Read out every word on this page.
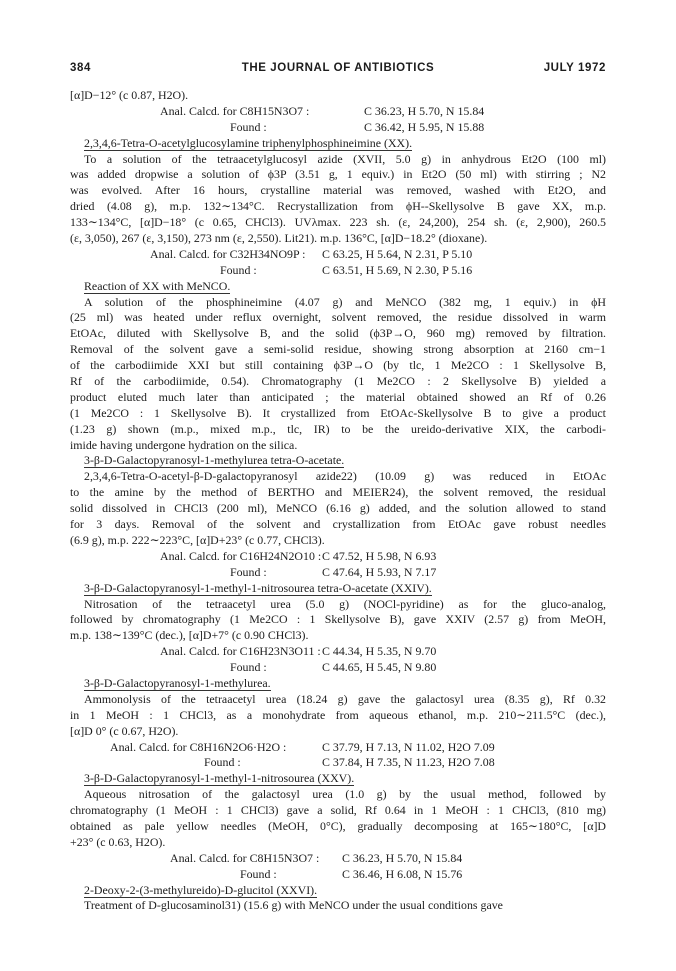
384	THE JOURNAL OF ANTIBIOTICS	JULY 1972
[α]D−12° (c 0.87, H2O).
Anal. Calcd. for C8H15N3O7 :	C 36.23, H 5.70, N 15.84
Found :	C 36.42, H 5.95, N 15.88
2,3,4,6-Tetra-O-acetylglucosylamine triphenylphosphineimine (XX).
To a solution of the tetraacetylglucosyl azide (XVII, 5.0 g) in anhydrous Et2O (100 ml)
was added dropwise a solution of ϕ3P (3.51 g, 1 equiv.) in Et2O (50 ml) with stirring ; N2
was evolved. After 16 hours, crystalline material was removed, washed with Et2O, and
dried (4.08 g), m.p. 132∼134°C. Recrystallization from ϕH--Skellysolve B gave XX, m.p.
133∼134°C, [α]D−18° (c 0.65, CHCl3). UVλmax. 223 sh. (ε, 24,200), 254 sh. (ε, 2,900), 260.5
(ε, 3,050), 267 (ε, 3,150), 273 nm (ε, 2,550). Lit21). m.p. 136°C, [α]D−18.2° (dioxane).
Anal. Calcd. for C32H34NO9P : C 63.25, H 5.64, N 2.31, P 5.10
Found :	C 63.51, H 5.69, N 2.30, P 5.16
Reaction of XX with MeNCO.
A solution of the phosphineimine (4.07 g) and MeNCO (382 mg, 1 equiv.) in ϕH
(25 ml) was heated under reflux overnight, solvent removed, the residue dissolved in warm
EtOAc, diluted with Skellysolve B, and the solid (ϕ3P→O, 960 mg) removed by filtration.
Removal of the solvent gave a semi-solid residue, showing strong absorption at 2160 cm−1
of the carbodiimide XXI but still containing ϕ3P→O (by tlc, 1 Me2CO : 1 Skellysolve B,
Rf of the carbodiimide, 0.54). Chromatography (1 Me2CO : 2 Skellysolve B) yielded a
product eluted much later than anticipated ; the material obtained showed an Rf of 0.26
(1 Me2CO : 1 Skellysolve B). It crystallized from EtOAc-Skellysolve B to give a product
(1.23 g) shown (m.p., mixed m.p., tlc, IR) to be the ureido-derivative XIX, the carbodi-
imide having undergone hydration on the silica.
3-β-D-Galactopyranosyl-1-methylurea tetra-O-acetate.
2,3,4,6-Tetra-O-acetyl-β-D-galactopyranosyl azide22) (10.09 g) was reduced in EtOAc
to the amine by the method of BERTHO and MEIER24), the solvent removed, the residual
solid dissolved in CHCl3 (200 ml), MeNCO (6.16 g) added, and the solution allowed to stand
for 3 days. Removal of the solvent and crystallization from EtOAc gave robust needles
(6.9 g), m.p. 222∼223°C, [α]D+23° (c 0.77, CHCl3).
Anal. Calcd. for C16H24N2O10 :C 47.52, H 5.98, N 6.93
Found :	C 47.64, H 5.93, N 7.17
3-β-D-Galactopyranosyl-1-methyl-1-nitrosourea tetra-O-acetate (XXIV).
Nitrosation of the tetraacetyl urea (5.0 g) (NOCl-pyridine) as for the gluco-analog,
followed by chromatography (1 Me2CO : 1 Skellysolve B), gave XXIV (2.57 g) from MeOH,
m.p. 138∼139°C (dec.), [α]D+7° (c 0.90 CHCl3).
Anal. Calcd. for C16H23N3O11 :C 44.34, H 5.35, N 9.70
Found :	C 44.65, H 5.45, N 9.80
3-β-D-Galactopyranosyl-1-methylurea.
Ammonolysis of the tetraacetyl urea (18.24 g) gave the galactosyl urea (8.35 g), Rf 0.32
in 1 MeOH : 1 CHCl3, as a monohydrate from aqueous ethanol, m.p. 210∼211.5°C (dec.),
[α]D 0° (c 0.67, H2O).
Anal. Calcd. for C8H16N2O6·H2O :	C 37.79, H 7.13, N 11.02, H2O 7.09
Found :	C 37.84, H 7.35, N 11.23, H2O 7.08
3-β-D-Galactopyranosyl-1-methyl-1-nitrosourea (XXV).
Aqueous nitrosation of the galactosyl urea (1.0 g) by the usual method, followed by
chromatography (1 MeOH : 1 CHCl3) gave a solid, Rf 0.64 in 1 MeOH : 1 CHCl3, (810 mg)
obtained as pale yellow needles (MeOH, 0°C), gradually decomposing at 165∼180°C, [α]D
+23° (c 0.63, H2O).
Anal. Calcd. for C8H15N3O7 : C 36.23, H 5.70, N 15.84
Found :	C 36.46, H 6.08, N 15.76
2-Deoxy-2-(3-methylureido)-D-glucitol (XXVI).
Treatment of D-glucosaminol31) (15.6 g) with MeNCO under the usual conditions gave
